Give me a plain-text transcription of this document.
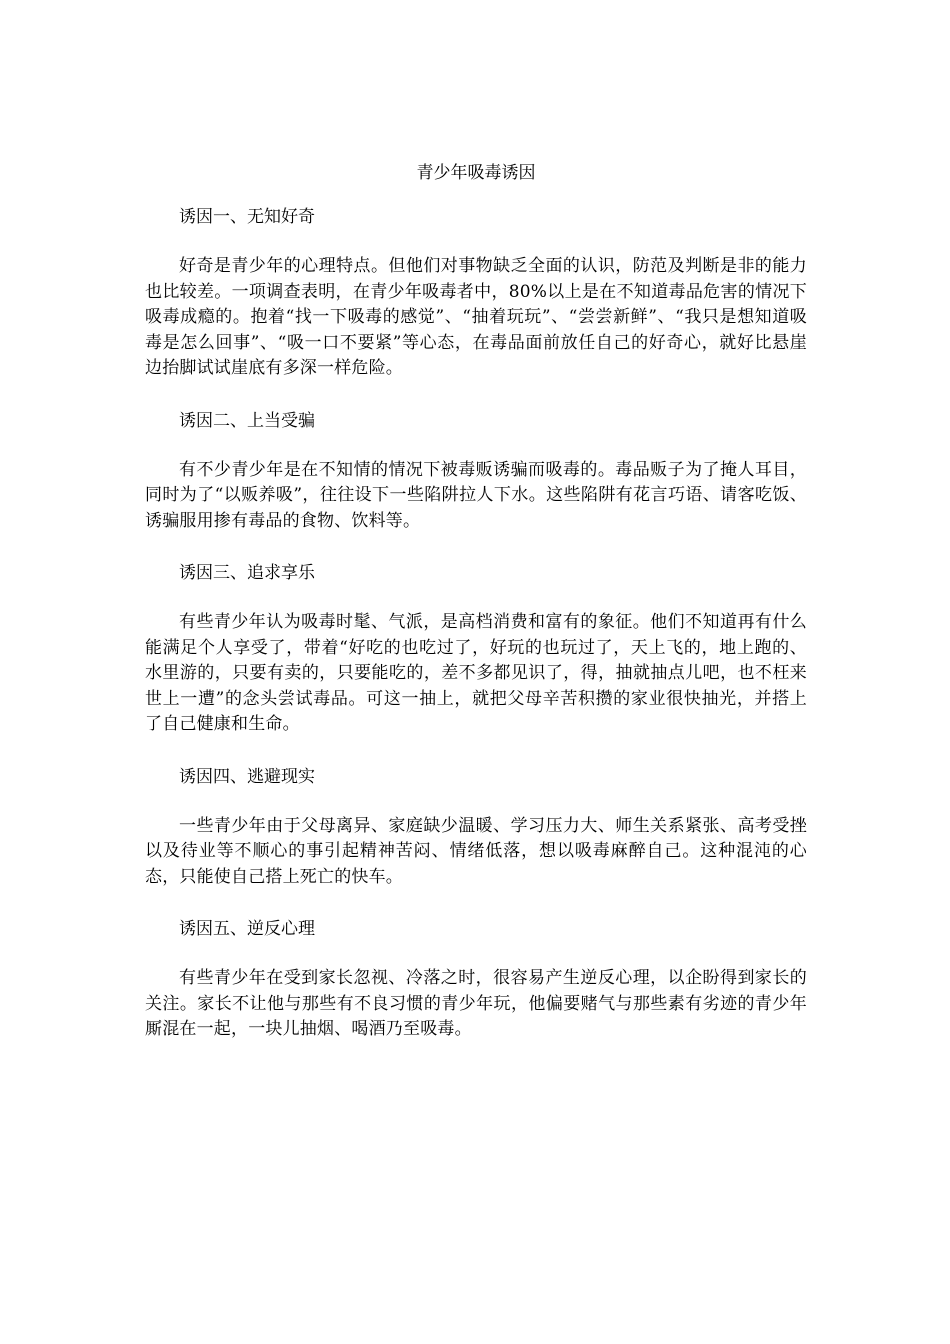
青少年吸毒诱因

诱因一、无知好奇

好奇是青少年的心理特点。但他们对事物缺乏全面的认识，防范及判断是非的能力也比较差。一项调查表明，在青少年吸毒者中，80%以上是在不知道毒品危害的情况下吸毒成瘾的。抱着“找一下吸毒的感觉”、“抽着玩玩”、“尝尝新鲜”、“我只是想知道吸毒是怎么回事”、“吸一口不要紧”等心态，在毒品面前放任自己的好奇心，就好比悬崖边抬脚试试崖底有多深一样危险。

诱因二、上当受骗

有不少青少年是在不知情的情况下被毒贩诱骗而吸毒的。毒品贩子为了掩人耳目，同时为了“以贩养吸”，往往设下一些陷阱拉人下水。这些陷阱有花言巧语、请客吃饭、诱骗服用掺有毒品的食物、饮料等。

诱因三、追求享乐

有些青少年认为吸毒时髦、气派，是高档消费和富有的象征。他们不知道再有什么能满足个人享受了，带着“好吃的也吃过了，好玩的也玩过了，天上飞的，地上跑的、水里游的，只要有卖的，只要能吃的，差不多都见识了，得，抽就抽点儿吧，也不枉来世上一遭”的念头尝试毒品。可这一抽上，就把父母辛苦积攒的家业很快抽光，并搭上了自己健康和生命。

诱因四、逃避现实

一些青少年由于父母离异、家庭缺少温暖、学习压力大、师生关系紧张、高考受挫以及待业等不顺心的事引起精神苦闷、情绪低落，想以吸毒麻醉自己。这种混沌的心态，只能使自己搭上死亡的快车。

诱因五、逆反心理

有些青少年在受到家长忽视、冷落之时，很容易产生逆反心理，以企盼得到家长的关注。家长不让他与那些有不良习惯的青少年玩，他偏要赌气与那些素有劣迹的青少年厮混在一起，一块儿抽烟、喝酒乃至吸毒。
